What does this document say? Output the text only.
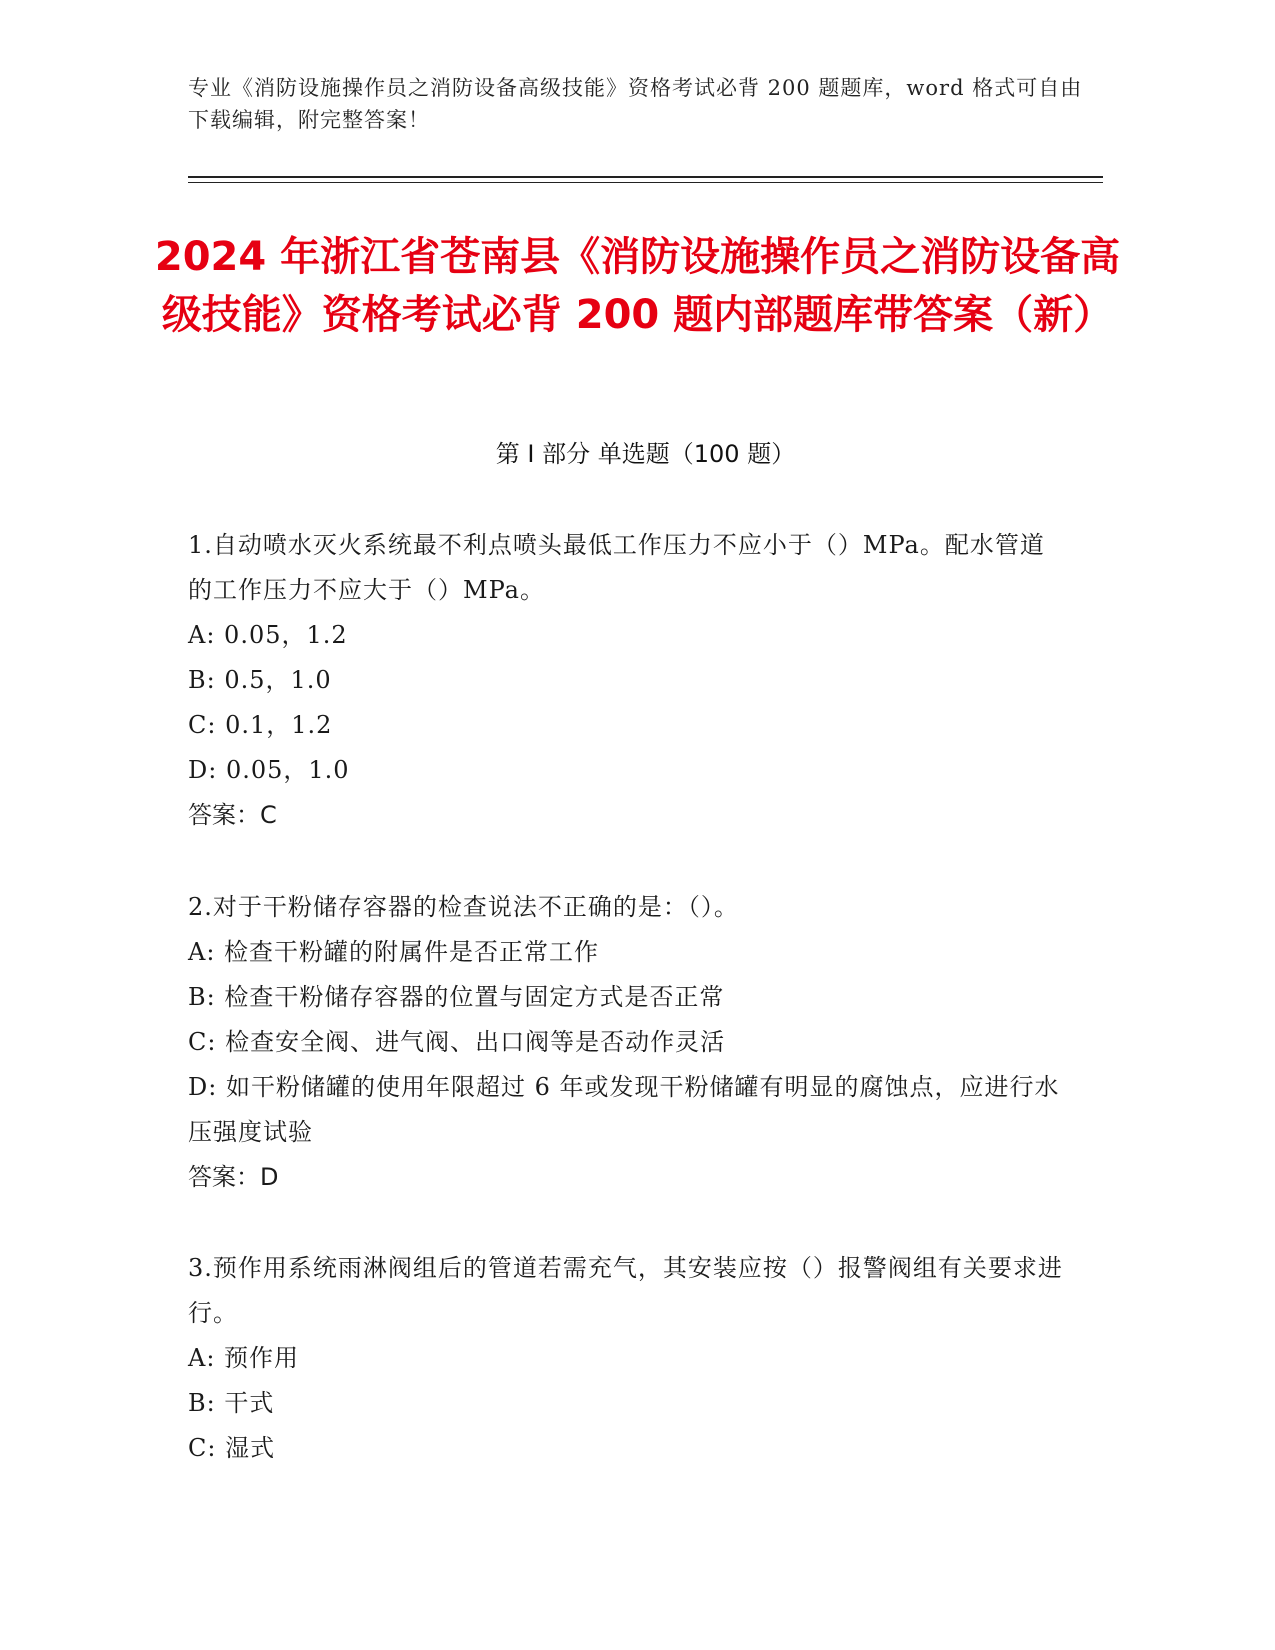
专业《消防设施操作员之消防设备高级技能》资格考试必背 200 题题库，word 格式可自由下载编辑，附完整答案！
2024 年浙江省苍南县《消防设施操作员之消防设备高级技能》资格考试必背 200 题内部题库带答案（新）
第 I 部分 单选题（100 题）

1.自动喷水灭火系统最不利点喷头最低工作压力不应小于（）MPa。配水管道的工作压力不应大于（）MPa。

A: 0.05，1.2

B: 0.5，1.0

C: 0.1，1.2

D: 0.05，1.0

答案：C

2.对于干粉储存容器的检查说法不正确的是：（）。

A: 检查干粉罐的附属件是否正常工作

B: 检查干粉储存容器的位置与固定方式是否正常

C: 检查安全阀、进气阀、出口阀等是否动作灵活

D: 如干粉储罐的使用年限超过 6 年或发现干粉储罐有明显的腐蚀点，应进行水压强度试验

答案：D

3.预作用系统雨淋阀组后的管道若需充气，其安装应按（）报警阀组有关要求进行。

A: 预作用

B: 干式

C: 湿式
